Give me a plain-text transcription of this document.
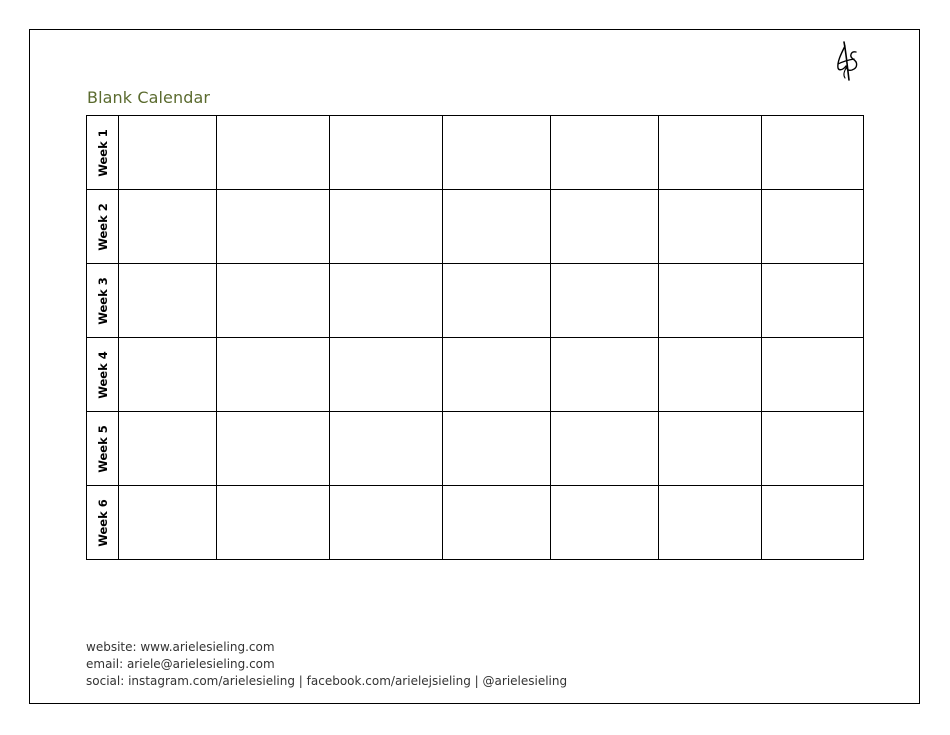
Blank Calendar
Week 1							

Week 2							

Week 3							

Week 4							

Week 5							

Week 6							

website: www.arielesieling.com
email: ariele@arielesieling.com
social: instagram.com/arielesieling | facebook.com/arielejsieling | @arielesieling
